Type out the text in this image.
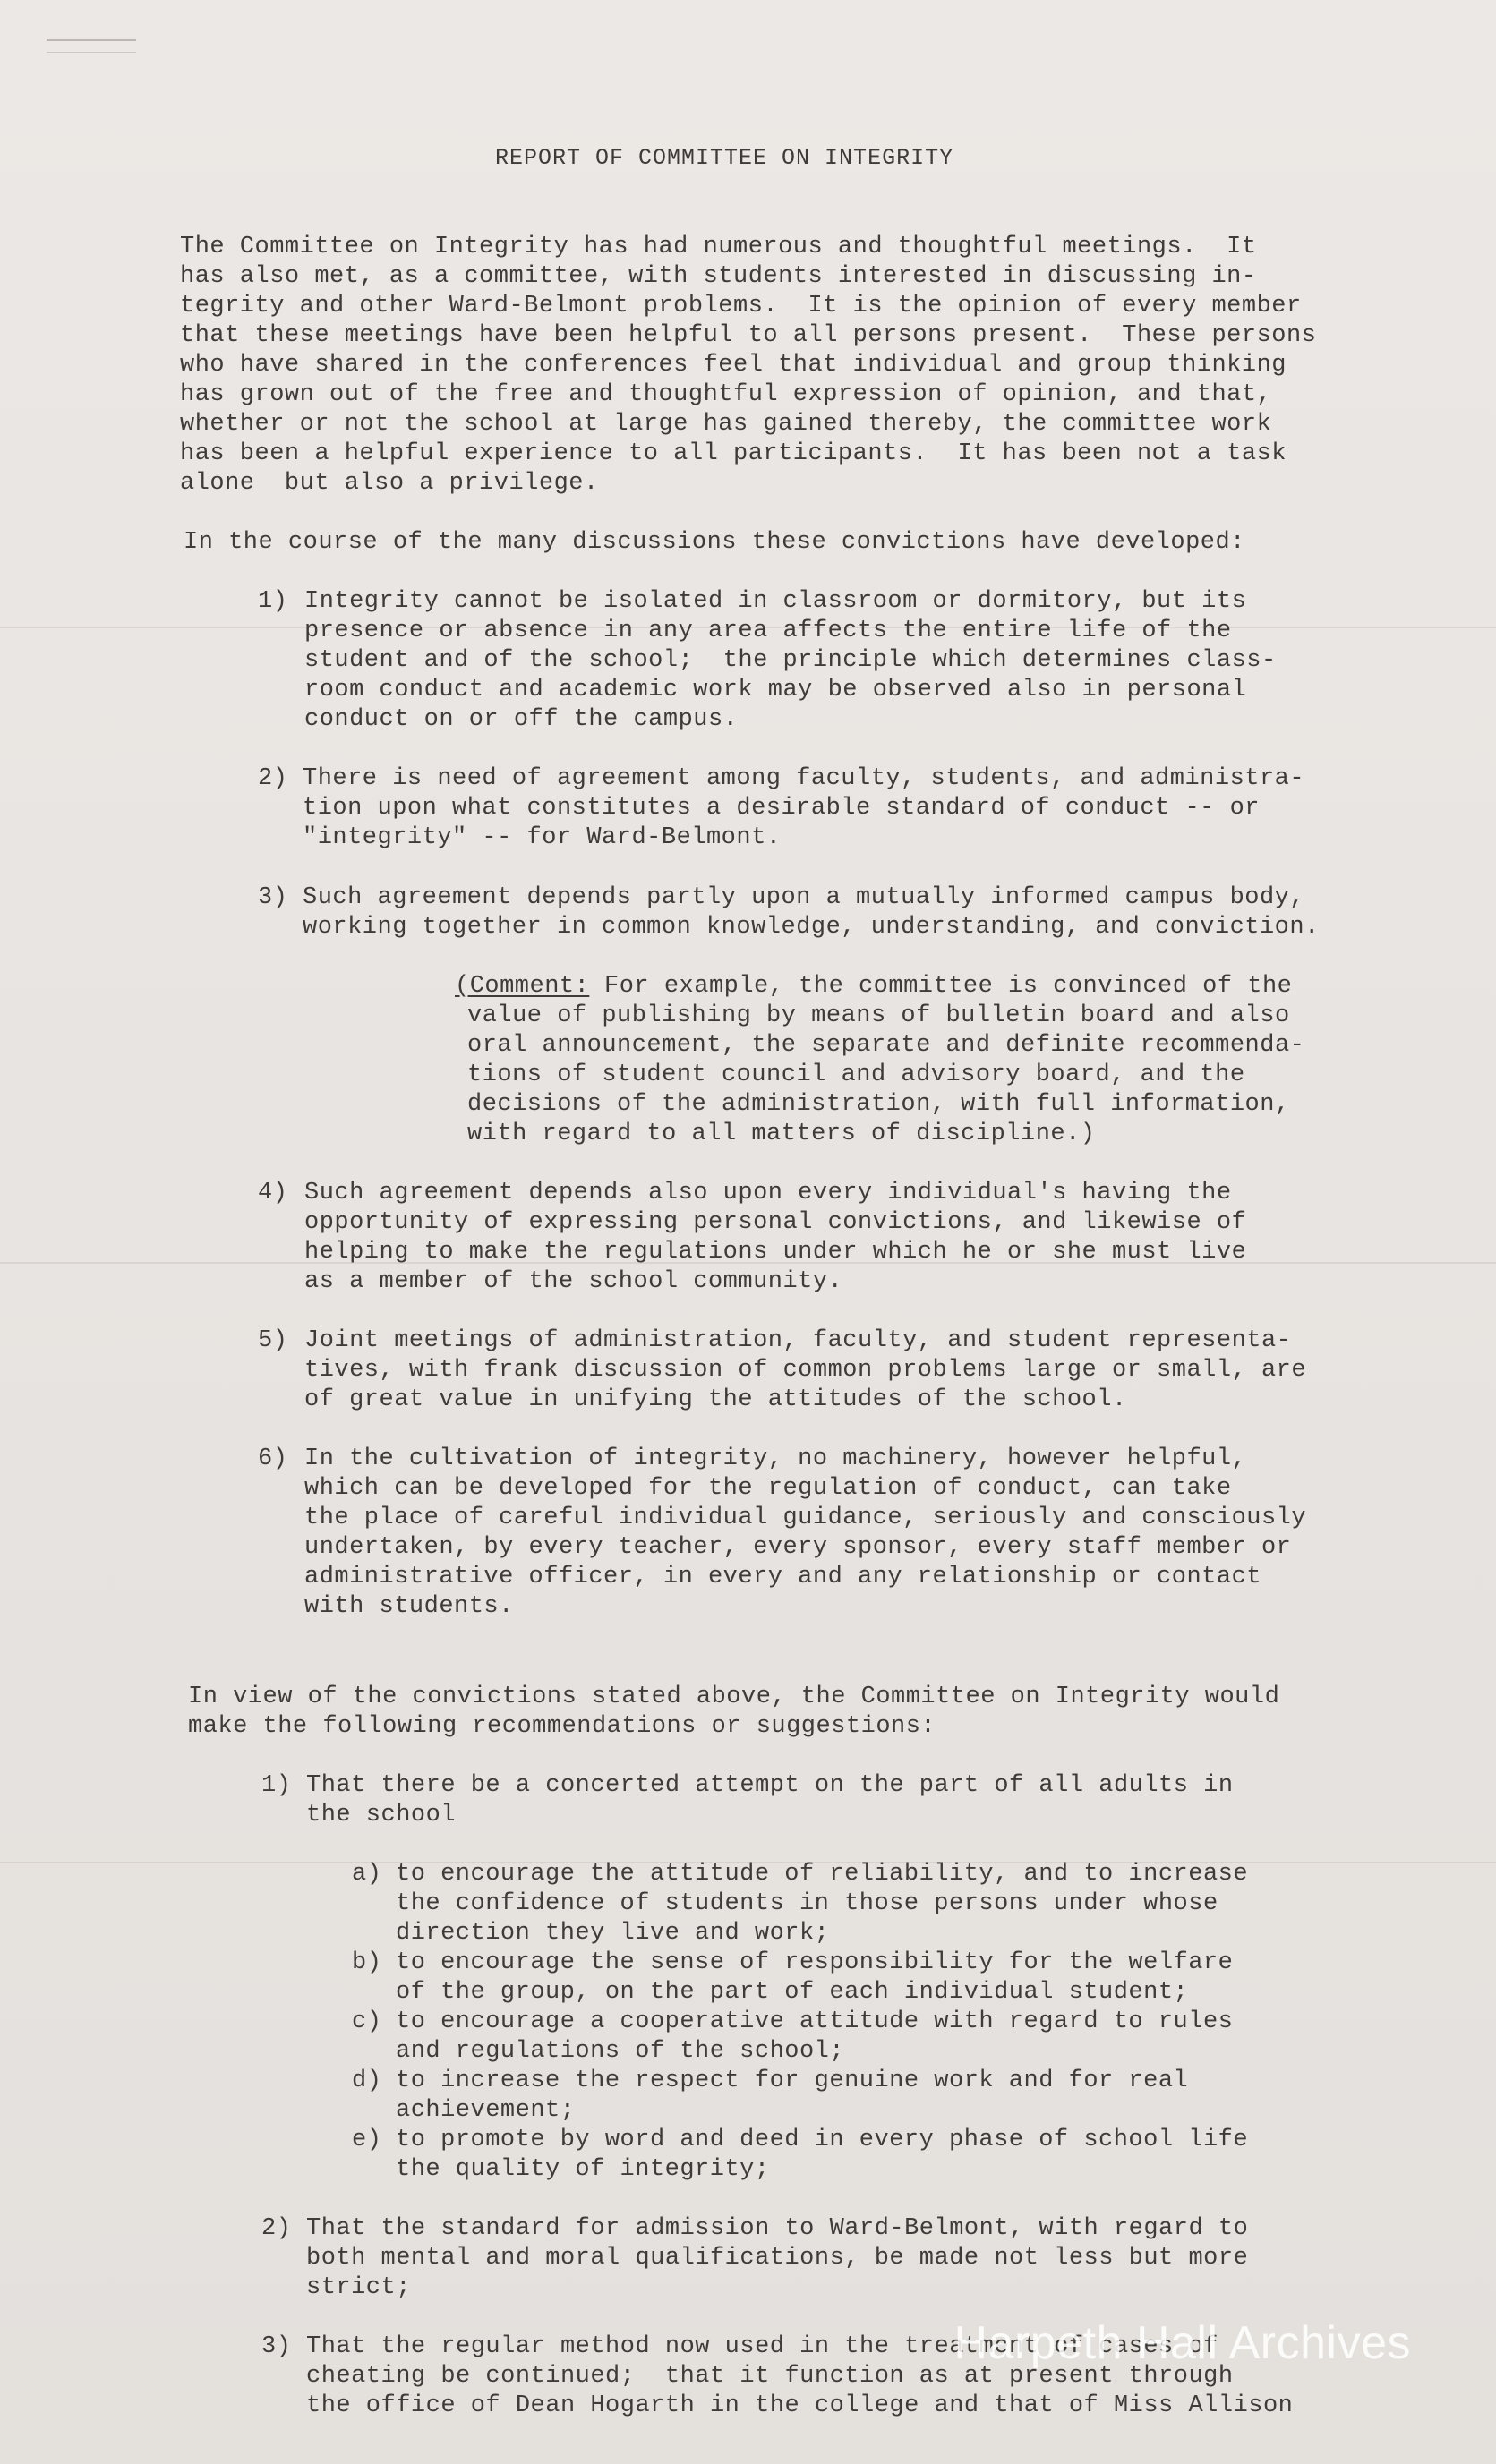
REPORT OF COMMITTEE ON INTEGRITY
The Committee on Integrity has had numerous and thoughtful meetings.  It
has also met, as a committee, with students interested in discussing in-
tegrity and other Ward-Belmont problems.  It is the opinion of every member
that these meetings have been helpful to all persons present.  These persons
who have shared in the conferences feel that individual and group thinking
has grown out of the free and thoughtful expression of opinion, and that,
whether or not the school at large has gained thereby, the committee work
has been a helpful experience to all participants.  It has been not a task
alone  but also a privilege.
In the course of the many discussions these convictions have developed:
1) Integrity cannot be isolated in classroom or dormitory, but its
presence or absence in any area affects the entire life of the
student and of the school;  the principle which determines class-
room conduct and academic work may be observed also in personal
conduct on or off the campus.
2) There is need of agreement among faculty, students, and administra-
tion upon what constitutes a desirable standard of conduct -- or
"integrity" -- for Ward-Belmont.
3) Such agreement depends partly upon a mutually informed campus body,
working together in common knowledge, understanding, and conviction.
(Comment: For example, the committee is convinced of the
value of publishing by means of bulletin board and also
oral announcement, the separate and definite recommenda-
tions of student council and advisory board, and the
decisions of the administration, with full information,
with regard to all matters of discipline.)
4) Such agreement depends also upon every individual's having the
opportunity of expressing personal convictions, and likewise of
helping to make the regulations under which he or she must live
as a member of the school community.
5) Joint meetings of administration, faculty, and student representa-
tives, with frank discussion of common problems large or small, are
of great value in unifying the attitudes of the school.
6) In the cultivation of integrity, no machinery, however helpful,
which can be developed for the regulation of conduct, can take
the place of careful individual guidance, seriously and consciously
undertaken, by every teacher, every sponsor, every staff member or
administrative officer, in every and any relationship or contact
with students.
In view of the convictions stated above, the Committee on Integrity would
make the following recommendations or suggestions:
1) That there be a concerted attempt on the part of all adults in
the school
a) to encourage the attitude of reliability, and to increase
the confidence of students in those persons under whose
direction they live and work;
b) to encourage the sense of responsibility for the welfare
of the group, on the part of each individual student;
c) to encourage a cooperative attitude with regard to rules
and regulations of the school;
d) to increase the respect for genuine work and for real
achievement;
e) to promote by word and deed in every phase of school life
the quality of integrity;
2) That the standard for admission to Ward-Belmont, with regard to
both mental and moral qualifications, be made not less but more
strict;
3) That the regular method now used in the treatment of cases of
cheating be continued;  that it function as at present through
the office of Dean Hogarth in the college and that of Miss Allison
Harpeth Hall Archives
